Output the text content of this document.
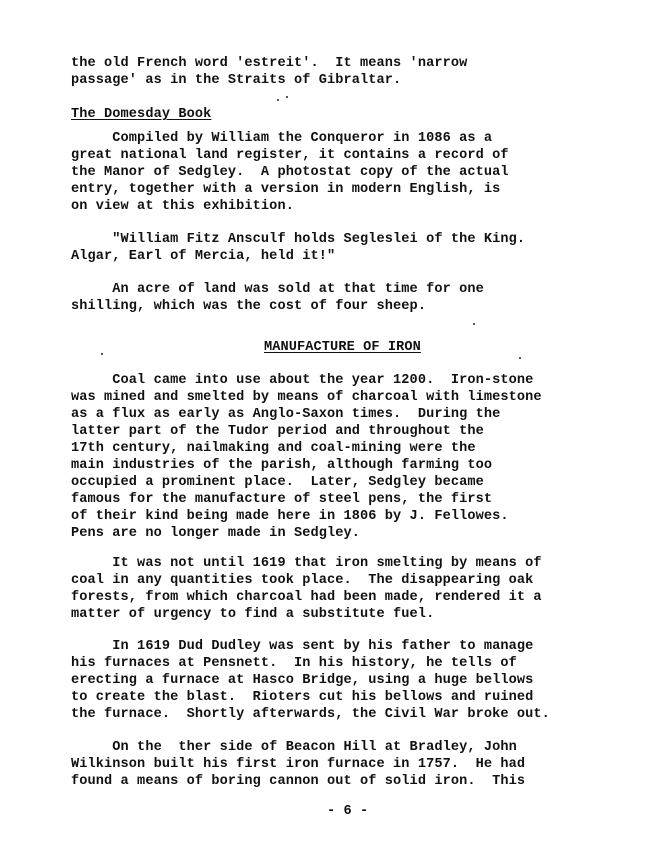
the old French word 'estreit'.  It means 'narrow
passage' as in the Straits of Gibraltar.
The Domesday Book
Compiled by William the Conqueror in 1086 as a
great national land register, it contains a record of
the Manor of Sedgley.  A photostat copy of the actual
entry, together with a version in modern English, is
on view at this exhibition.
"William Fitz Ansculf holds Segleslei of the King.
Algar, Earl of Mercia, held it!"
An acre of land was sold at that time for one
shilling, which was the cost of four sheep.
MANUFACTURE OF IRON
Coal came into use about the year 1200.  Iron-stone
was mined and smelted by means of charcoal with limestone
as a flux as early as Anglo-Saxon times.  During the
latter part of the Tudor period and throughout the
17th century, nailmaking and coal-mining were the
main industries of the parish, although farming too
occupied a prominent place.  Later, Sedgley became
famous for the manufacture of steel pens, the first
of their kind being made here in 1806 by J. Fellowes.
Pens are no longer made in Sedgley.
It was not until 1619 that iron smelting by means of
coal in any quantities took place.  The disappearing oak
forests, from which charcoal had been made, rendered it a
matter of urgency to find a substitute fuel.
In 1619 Dud Dudley was sent by his father to manage
his furnaces at Pensnett.  In his history, he tells of
erecting a furnace at Hasco Bridge, using a huge bellows
to create the blast.  Rioters cut his bellows and ruined
the furnace.  Shortly afterwards, the Civil War broke out.
On the  ther side of Beacon Hill at Bradley, John
Wilkinson built his first iron furnace in 1757.  He had
found a means of boring cannon out of solid iron.  This
- 6 -
